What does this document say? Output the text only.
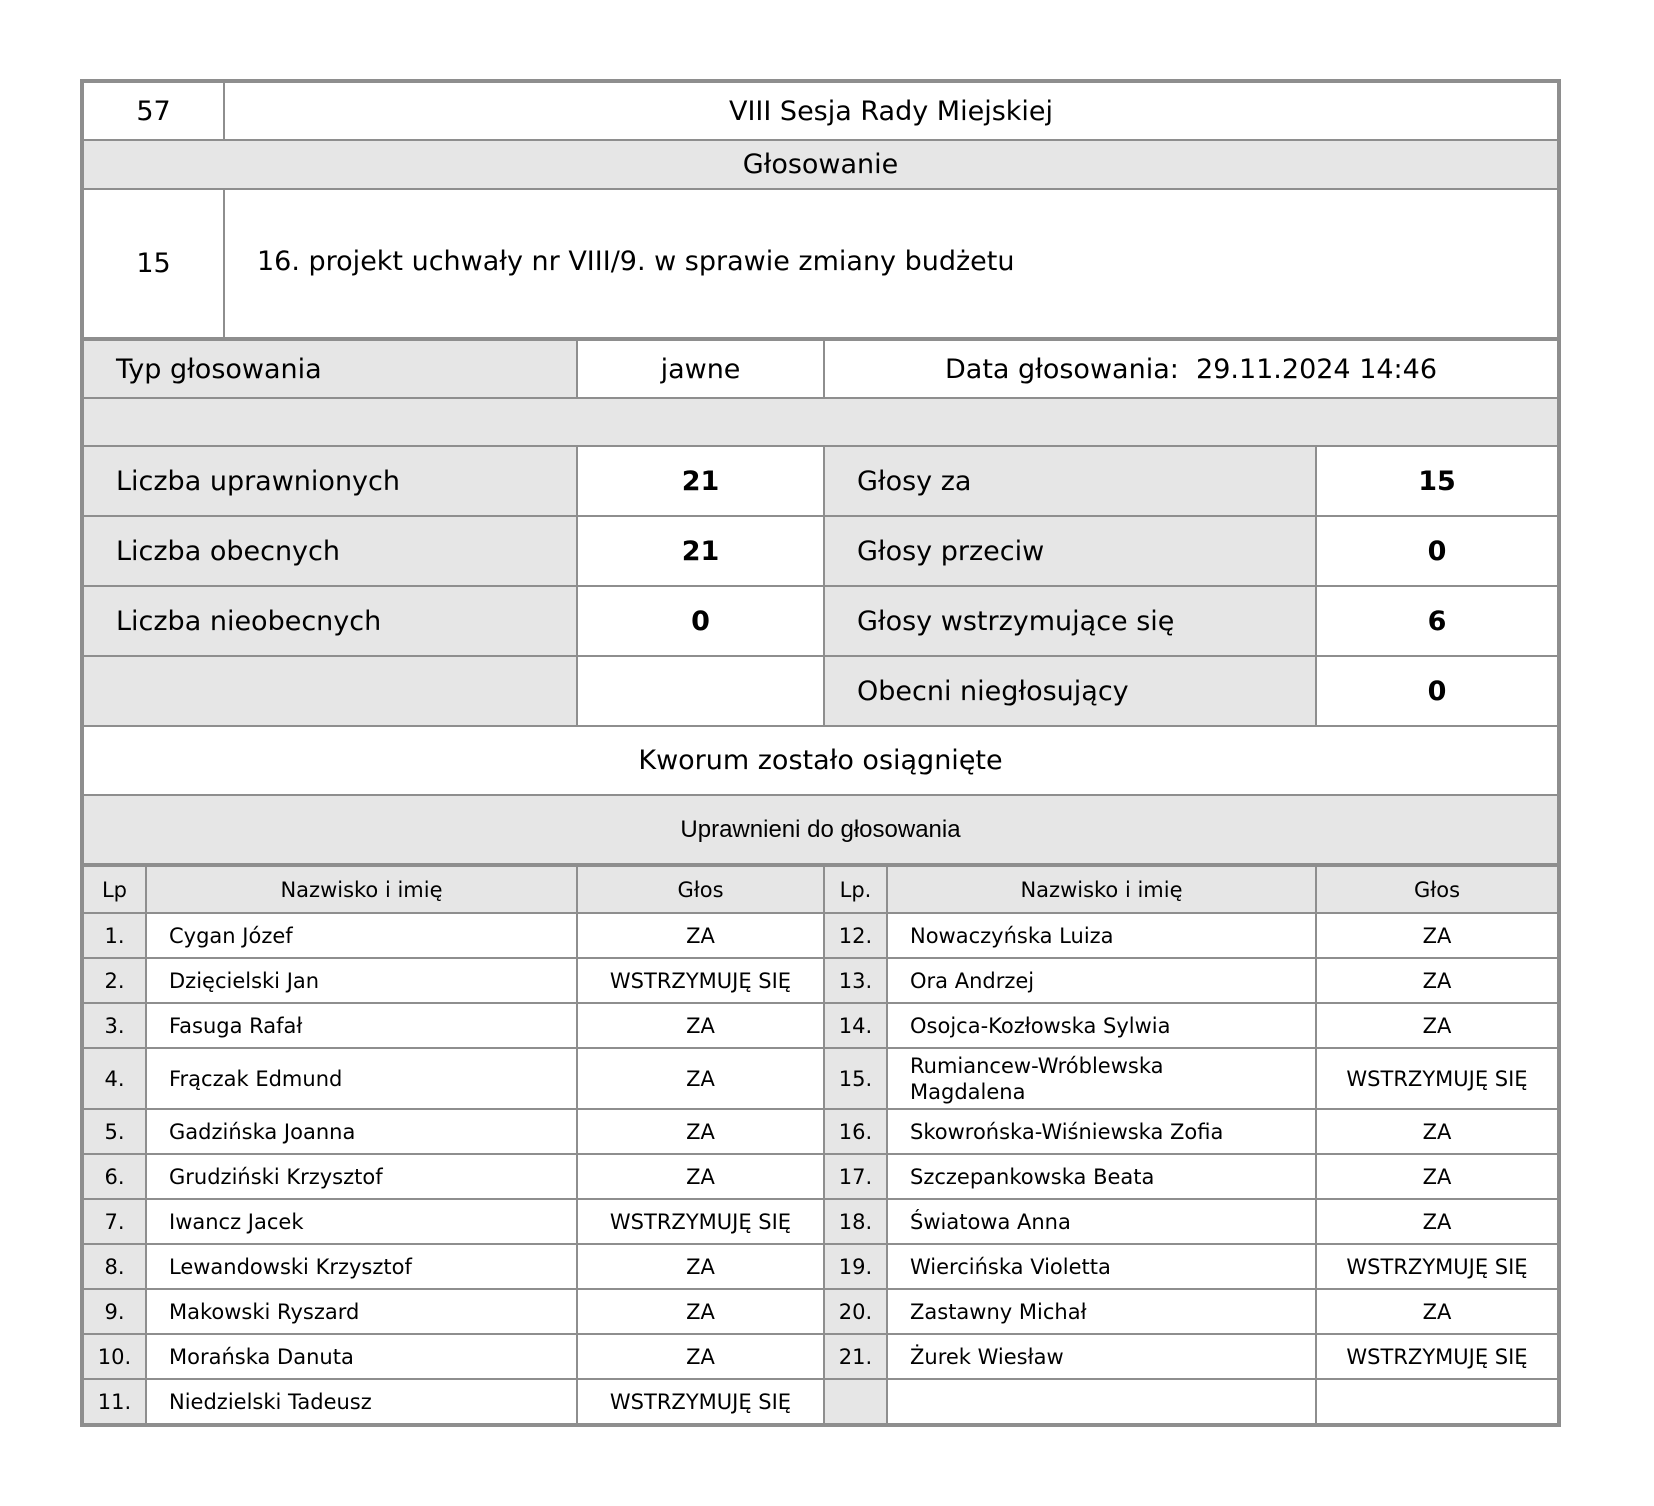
57	VIII Sesja Rady Miejskiej
Głosowanie	
15	16. projekt uchwały nr VIII/9. w sprawie zmiany budżetu
Typ głosowania	jawne	Data głosowania: 29.11.2024 14:46	

Liczba uprawnionych	21	Głosy za	15
Liczba obecnych	21	Głosy przeciw	0
Liczba nieobecnych	0	Głosy wstrzymujące się	6
		Obecni niegłosujący	0
Kworum zostało osiągnięte			
Uprawnieni do głosowania			
Lp	Nazwisko i imię	Głos	Lp.	Nazwisko i imię	Głos
1.	Cygan Józef	ZA	12.	Nowaczyńska Luiza	ZA
2.	Dzięcielski Jan	WSTRZYMUJĘ SIĘ	13.	Ora Andrzej	ZA
3.	Fasuga Rafał	ZA	14.	Osojca-Kozłowska Sylwia	ZA
4.	Frączak Edmund	ZA	15.	Rumiancew-Wróblewska
Magdalena	WSTRZYMUJĘ SIĘ
5.	Gadzińska Joanna	ZA	16.	Skowrońska-Wiśniewska Zofia	ZA
6.	Grudziński Krzysztof	ZA	17.	Szczepankowska Beata	ZA
7.	Iwancz Jacek	WSTRZYMUJĘ SIĘ	18.	Światowa Anna	ZA
8.	Lewandowski Krzysztof	ZA	19.	Wiercińska Violetta	WSTRZYMUJĘ SIĘ
9.	Makowski Ryszard	ZA	20.	Zastawny Michał	ZA
10.	Morańska Danuta	ZA	21.	Żurek Wiesław	WSTRZYMUJĘ SIĘ
11.	Niedzielski Tadeusz	WSTRZYMUJĘ SIĘ			
